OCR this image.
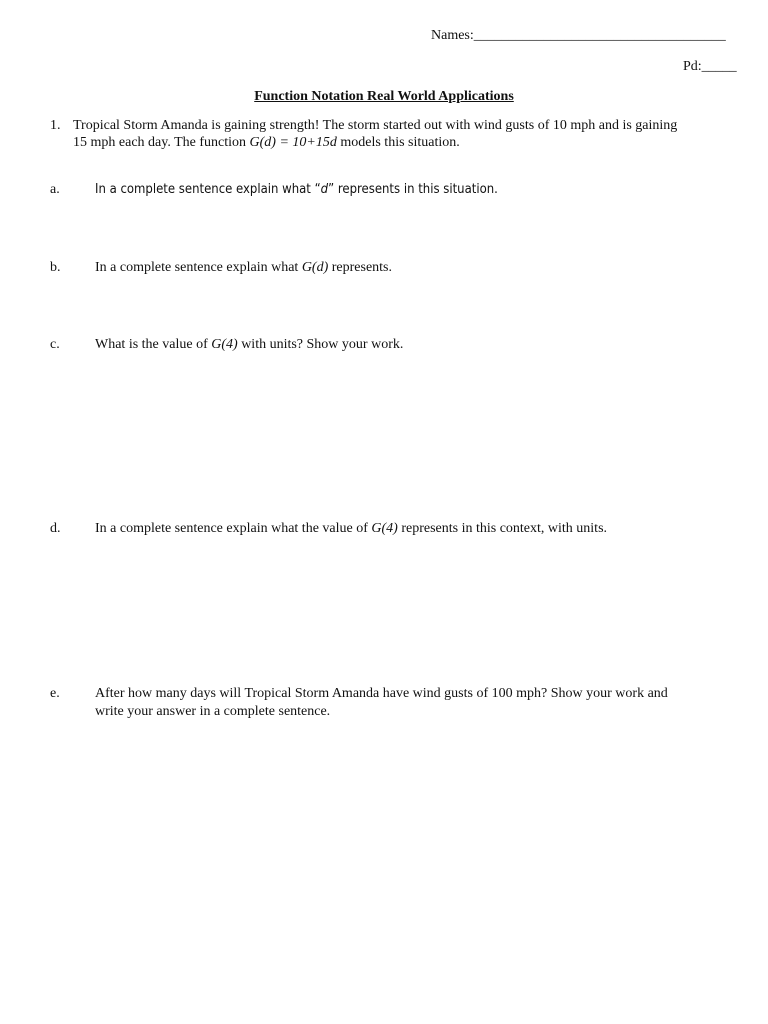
Names:____________________________________
Pd:_____
Function Notation Real World Applications
1. Tropical Storm Amanda is gaining strength! The storm started out with wind gusts of 10 mph and is gaining
15 mph each day. The function G(d) = 10+15d models this situation.
a.	In a complete sentence explain what “d” represents in this situation.
b. In a complete sentence explain what G(d) represents.
c.	What is the value of G(4) with units? Show your work.
d. In a complete sentence explain what the value of G(4) represents in this context, with units.
e.	After how many days will Tropical Storm Amanda have wind gusts of 100 mph? Show your work and
write your answer in a complete sentence.
